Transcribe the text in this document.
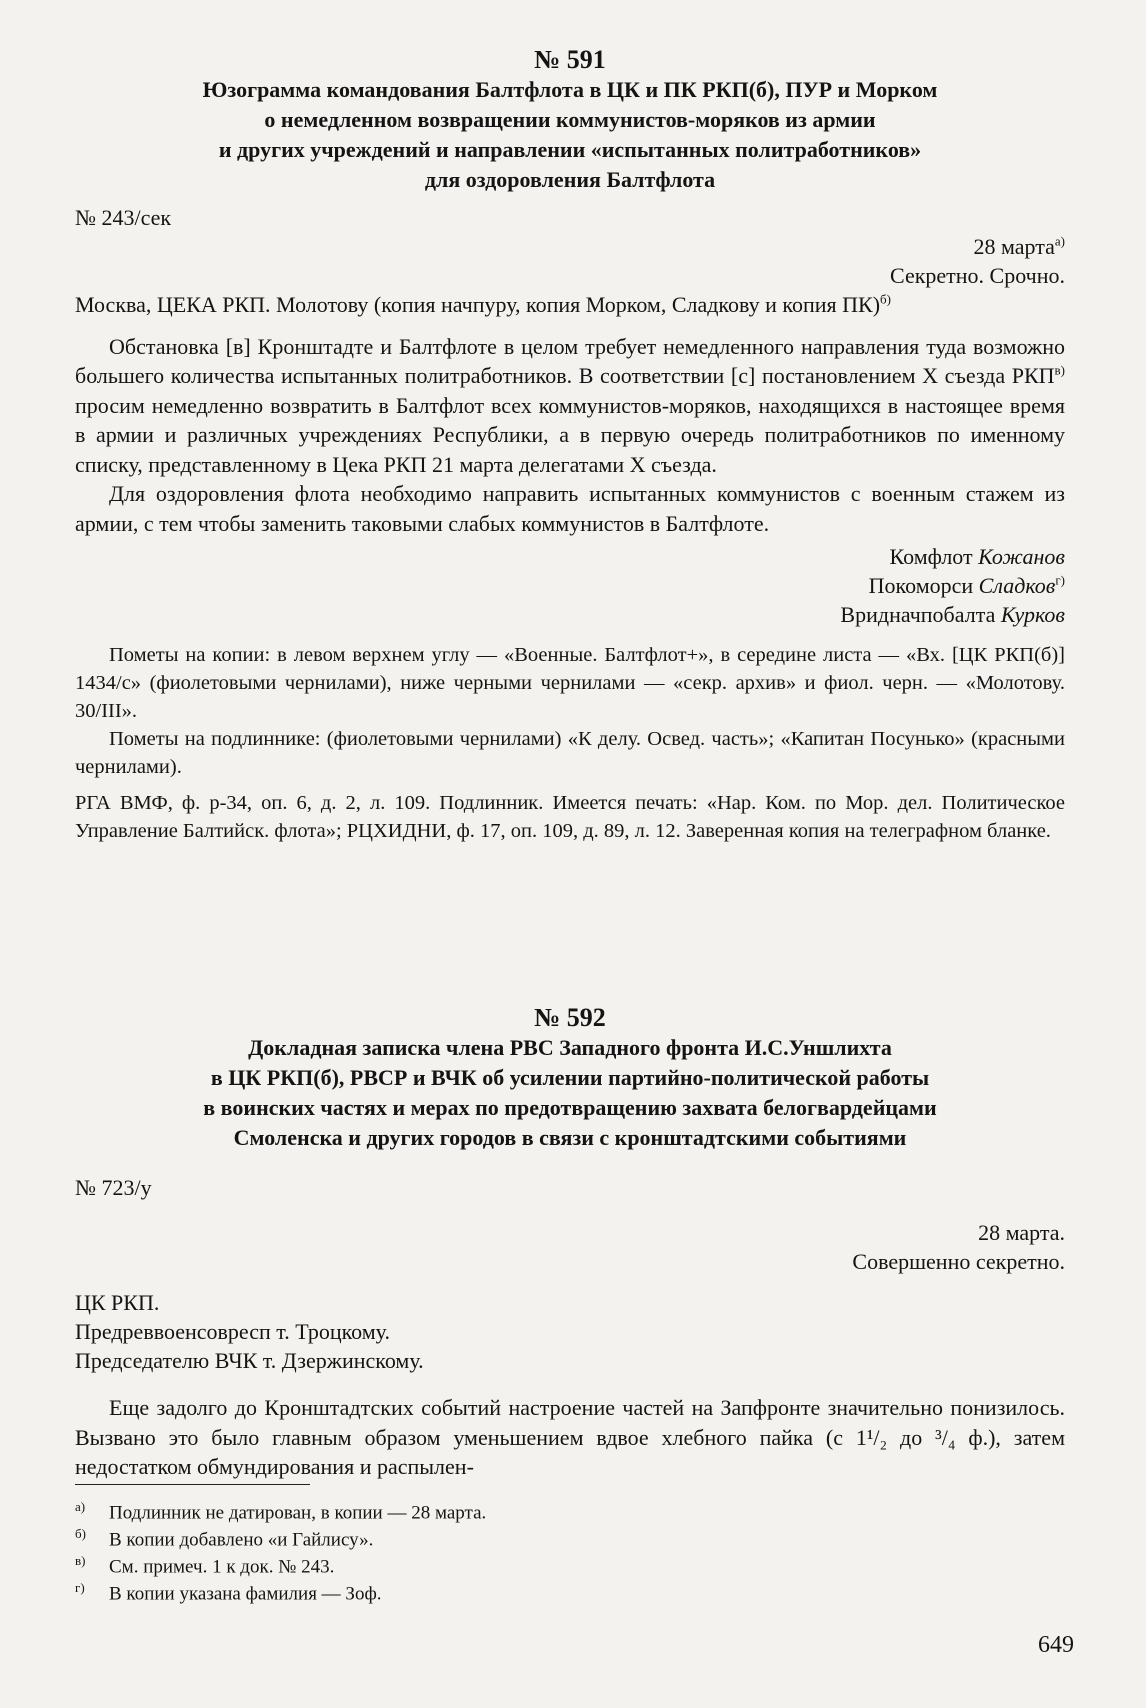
№ 591
Юзограмма командования Балтфлота в ЦК и ПК РКП(б), ПУР и Морком
о немедленном возвращении коммунистов-моряков из армии
и других учреждений и направлении «испытанных политработников»
для оздоровления Балтфлота
№ 243/сек
28 марта$^{а)}$
Секретно. Срочно.
Москва, ЦЕКА РКП. Молотову (копия начпуру, копия Морком, Сладкову и копия ПК)$^{б)}$
Обстановка [в] Кронштадте и Балтфлоте в целом требует немедленного направления туда возможно большего количества испытанных политработников. В соответствии [с] постановлением X съезда $РКП^{в)}$ просим немедленно возвратить в Балтфлот всех коммунистов-моряков, находящихся в настоящее время в армии и различных учреждениях Республики, а в первую очередь политработников по именному списку, представленному в Цека РКП 21 марта делегатами X съезда.
Для оздоровления флота необходимо направить испытанных коммунистов с военным стажем из армии, с тем чтобы заменить таковыми слабых коммунистов в Балтфлоте.
Комфлот Кожанов
Покоморси Сладков$^{г)}$
Вридначпобалта Курков
Пометы на копии: в левом верхнем углу — «Военные. Балтфлот+», в середине листа — «Вх. [ЦК РКП(б)] 1434/с» (фиолетовыми чернилами), ниже черными чернилами — «секр. архив» и фиол. черн. — «Молотову. 30/III».
Пометы на подлиннике: (фиолетовыми чернилами) «К делу. Освед. часть»; «Капитан Посунько» (красными чернилами).
РГА ВМФ, ф. р-34, оп. 6, д. 2, л. 109. Подлинник. Имеется печать: «Нар. Ком. по Мор. дел. Политическое Управление Балтийск. флота»; РЦХИДНИ, ф. 17, оп. 109, д. 89, л. 12. Заверенная копия на телеграфном бланке.
№ 592
Докладная записка члена РВС Западного фронта И.С.Уншлихта
в ЦК РКП(б), РВСР и ВЧК об усилении партийно-политической работы
в воинских частях и мерах по предотвращению захвата белогвардейцами
Смоленска и других городов в связи с кронштадтскими событиями
№ 723/у
28 марта.
Совершенно секретно.
ЦК РКП.
Предреввоенсовресп т. Троцкому.
Председателю ВЧК т. Дзержинскому.
Еще задолго до Кронштадтских событий настроение частей на Запфронте значительно понизилось. Вызвано это было главным образом уменьшением вдвое хлебного пайка (с 1¹/₂ до ³/₄ ф.), затем недостатком обмундирования и распылен-
а) Подлинник не датирован, в копии — 28 марта.
б) В копии добавлено «и Гайлису».
в) См. примеч. 1 к док. № 243.
г) В копии указана фамилия — Зоф.
649
